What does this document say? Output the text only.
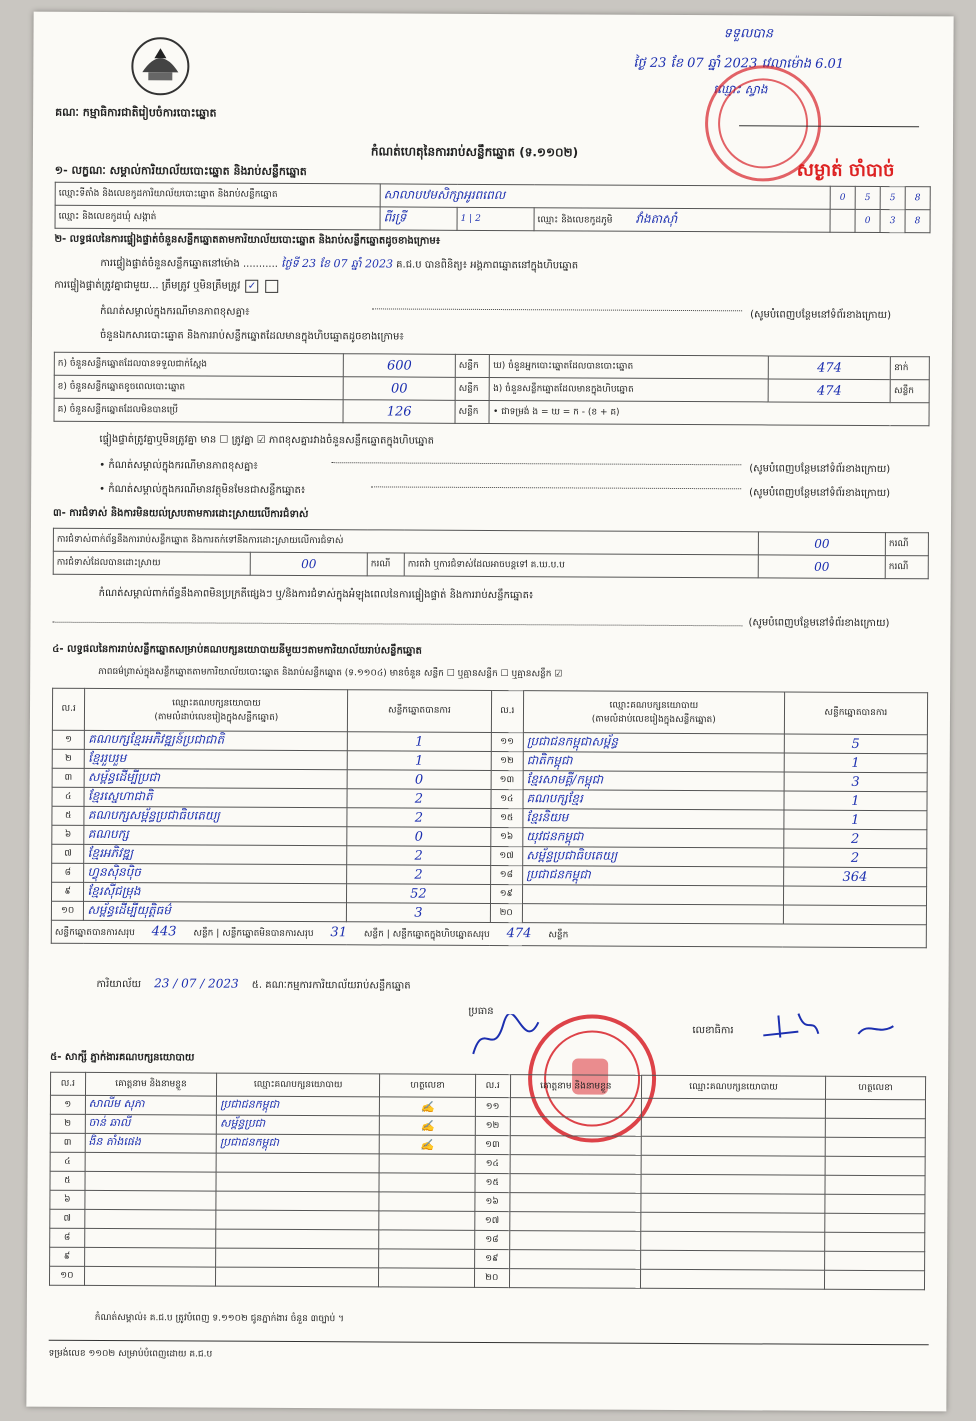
គណៈ កម្មាធិការជាតិរៀបចំការបោះឆ្នោត
កំណត់ហេតុនៃការរាប់សន្លឹកឆ្នោត (ទ.១១០២)
ថ្ងៃ 23 ខែ 07 ឆ្នាំ 2023 វេលាម៉ោង 6.01
ទទួលបាន
ឈ្មោះ ស្វាង
សម្ងាត់ ចាំបាច់
១- លក្ខណៈ សម្គាល់ការិយាល័យបោះឆ្នោត និងរាប់សន្លឹកឆ្នោត
ឈ្មោះទីតាំង និងលេខកូដការិយាល័យបោះឆ្នោត និងរាប់សន្លឹកឆ្នោត	សាលាបឋមសិក្សាអូរពពេល			0	5	5	8
ឈ្មោះ និងលេខកូដឃុំ សង្កាត់	ពីរទ្រី	1 | 2	ឈ្មោះ និងលេខកូដភូមិ វាំងតាស៊ាំ		0	3	8
២- លទ្ធផលនៃការផ្ទៀងផ្ទាត់ចំនួនសន្លឹកឆ្នោតតាមការិយាល័យបោះឆ្នោត និងរាប់សន្លឹកឆ្នោតដូចខាងក្រោម៖
ការផ្ទៀងផ្ទាត់ចំនួនសន្លឹកឆ្នោតនៅម៉ោង ........... ថ្ងៃទី 23 ខែ 07 ឆ្នាំ 2023 គ.ជ.ប បានពិនិត្យ៖ អង្គភាពឆ្នោតនៅក្នុងហិបឆ្នោត
ការផ្ទៀងផ្ទាត់ត្រូវគ្នាជាមួយ... ត្រឹមត្រូវ ឬមិនត្រឹមត្រូវ ✓
កំណត់សម្គាល់ក្នុងករណីមានភាពខុសគ្នា៖	(សូមបំពេញបន្ថែមនៅទំព័រខាងក្រោយ)
ចំនួនឯកសារបោះឆ្នោត និងការរាប់សន្លឹកឆ្នោតដែលមានក្នុងហិបឆ្នោតដូចខាងក្រោម៖
ក) ចំនួនសន្លឹកឆ្នោតដែលបានទទួលជាក់ស្តែង	600	សន្លឹក	ឃ) ចំនួនអ្នកបោះឆ្នោតដែលបានបោះឆ្នោត	474	នាក់
ខ) ចំនួនសន្លឹកឆ្នោតខូចពេលបោះឆ្នោត	00	សន្លឹក	ង) ចំនួនសន្លឹកឆ្នោតដែលមានក្នុងហិបឆ្នោត	474	សន្លឹក
គ) ចំនួនសន្លឹកឆ្នោតដែលមិនបានប្រើ	126	សន្លឹក	• ជាទម្រង់ ង = ឃ = ក - (ខ + គ)		
ផ្ទៀងផ្ទាត់ត្រូវគ្នាឬមិនត្រូវគ្នា មាន ☐ ត្រូវគ្នា ☑ ភាពខុសគ្នារវាងចំនួនសន្លឹកឆ្នោតក្នុងហិបឆ្នោត
• កំណត់សម្គាល់ក្នុងករណីមានភាពខុសគ្នា៖	(សូមបំពេញបន្ថែមនៅទំព័រខាងក្រោយ)
• កំណត់សម្គាល់ក្នុងករណីមានវត្ថុមិនមែនជាសន្លឹកឆ្នោត៖	(សូមបំពេញបន្ថែមនៅទំព័រខាងក្រោយ)
៣- ការជំទាស់ និងការមិនយល់ស្របតាមការដោះស្រាយលើការជំទាស់
ការជំទាស់ពាក់ព័ន្ធនឹងការរាប់សន្លឹកឆ្នោត និងការតក់ទៅនឹងការដោះស្រាយលើការជំទាស់				00	ករណី
ការជំទាស់ដែលបានដោះស្រាយ	00	ករណី	ការតវ៉ា ឬការជំទាស់ដែលអាចបន្តទៅ គ.ឃ.ប.ប	00	ករណី
កំណត់សម្គាល់ពាក់ព័ន្ធនឹងភាពមិនប្រក្រតីផ្សេងៗ ឬ/និងការជំទាស់ក្នុងអំឡុងពេលនៃការផ្ទៀងផ្ទាត់ និងការរាប់សន្លឹកឆ្នោត៖
(សូមបំពេញបន្ថែមនៅទំព័រខាងក្រោយ)
៤- លទ្ធផលនៃការរាប់សន្លឹកឆ្នោតសម្រាប់គណបក្សនយោបាយនីមួយៗតាមការិយាល័យរាប់សន្លឹកឆ្នោត
ភាពធម៌ព្រាស់ក្នុងសន្លឹកឆ្នោតតាមការិយាល័យបោះឆ្នោត និងរាប់សន្លឹកឆ្នោត (ទ.១១០៤) មានចំនួន សន្លឹក ☐ ឬគ្មានសន្លឹក ☐ ឬគ្មានសន្លឹក ☑
ល.រ	ឈ្មោះគណបក្សនយោបាយ
(តាមលំដាប់លេខរៀងក្នុងសន្លឹកឆ្នោត)	សន្លឹកឆ្នោតបានការ	ល.រ	ឈ្មោះគណបក្សនយោបាយ
(តាមលំដាប់លេខរៀងក្នុងសន្លឹកឆ្នោត)	សន្លឹកឆ្នោតបានការ
១	គណបក្សខ្មែរអភិវឌ្ឍន៍ប្រជាជាតិ	1	១១	ប្រជាជនកម្ពុជាសម្ព័ន្ធ	5
២	ខ្មែររួបរួម	1	១២	ជាតិកម្ពុជា	1
៣	សម្ព័ន្ធដើម្បីប្រជា	0	១៣	ខ្មែរសាមគ្គី/កម្ពុជា	3
៤	ខ្មែរស្នេហាជាតិ	2	១៤	គណបក្សខ្មែរ	1
៥	គណបក្សសម្ព័ន្ធប្រជាធិបតេយ្យ	2	១៥	ខ្មែរនិយម	1
៦	គណបក្ស	0	១៦	យុវជនកម្ពុជា	2
៧	ខ្មែរអភិវឌ្ឍ	2	១៧	សម្ព័ន្ធប្រជាធិបតេយ្យ	2
៨	ហ្វុនស៊ិនប៉ិច	2	១៨	ប្រជាជនកម្ពុជា	364
៩	ខ្មែរស៊ីជម្រុង	52	១៩		
១០	សម្ព័ន្ធដើម្បីយុត្តិធម៌	3	២០		
សន្លឹកឆ្នោតបានការសរុប 443 សន្លឹក | សន្លឹកឆ្នោតមិនបានការសរុប 31 សន្លឹក | សន្លឹកឆ្នោតក្នុងហិបឆ្នោតសរុប 474 សន្លឹក					
ការិយាល័យ 23 / 07 / 2023 ៥. គណៈកម្មការការិយាល័យរាប់សន្លឹកឆ្នោត
ប្រធាន
លេខាធិការ
៥- សាក្សី ភ្នាក់ងារគណបក្សនយោបាយ
ល.រ	គោត្តនាម និងនាមខ្លួន	ឈ្មោះគណបក្សនយោបាយ	ហត្ថលេខា	ល.រ	គោត្តនាម និងនាមខ្លួន	ឈ្មោះគណបក្សនយោបាយ	ហត្ថលេខា
១	សាលីម សុភា	ប្រជាជនកម្ពុជា	✍	១១			
២	ចាន់ ឆាលី	សម្ព័ន្ធប្រជា	✍	១២			
៣	ងិន តាំងផេង	ប្រជាជនកម្ពុជា	✍	១៣			
៤				១៤			
៥				១៥			
៦				១៦			
៧				១៧			
៨				១៨			
៩				១៩			
១០				២០			
កំណត់សម្គាល់៖ គ.ជ.ប ត្រូវបំពេញ ទ.១១០២ ជូនភ្នាក់ងារ ចំនួន ៣ច្បាប់ ។
ទម្រង់លេខ ១១០២ សម្រាប់បំពេញដោយ គ.ជ.ប
